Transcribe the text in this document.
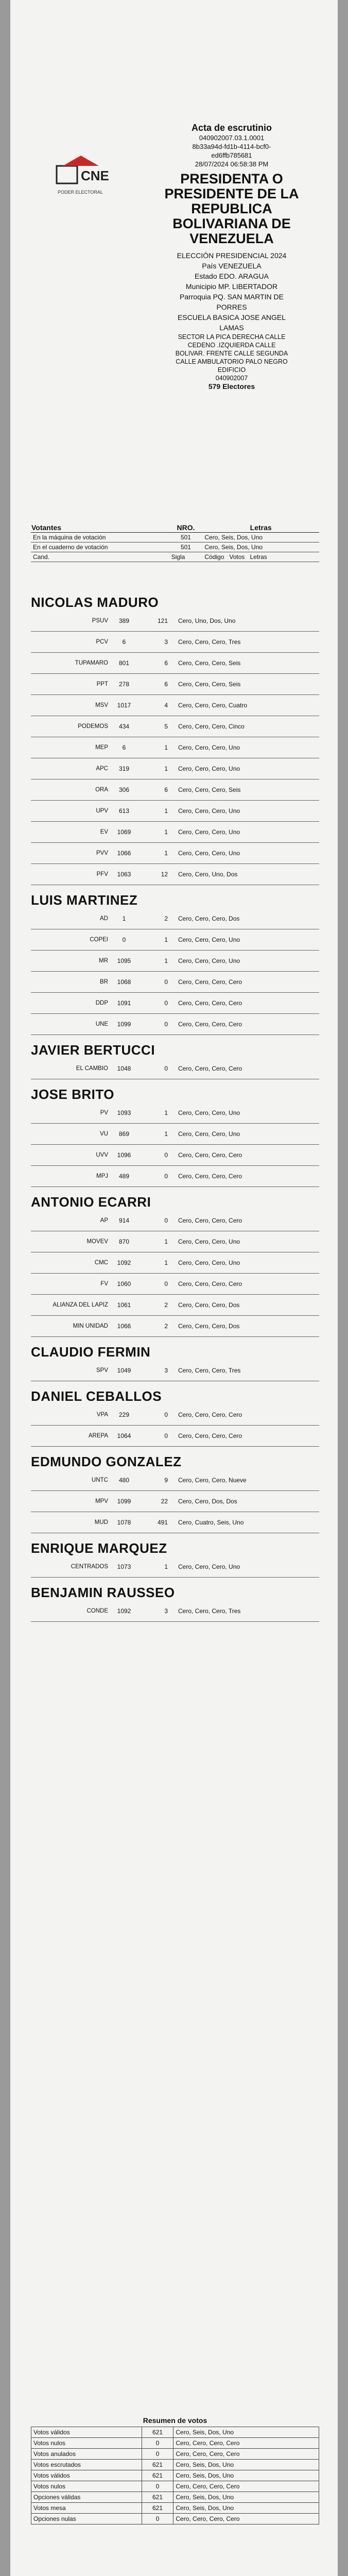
CNE
PODER ELECTORAL
Acta de escrutinio
040902007.03.1.0001
8b33a94d-fd1b-4114-bcf0-
ed6ffb785681
28/07/2024 06:58:38 PM
PRESIDENTA O
PRESIDENTE DE LA
REPUBLICA
BOLIVARIANA DE
VENEZUELA
ELECCIÓN PRESIDENCIAL 2024
País VENEZUELA
Estado EDO. ARAGUA
Municipio MP. LIBERTADOR
Parroquia PQ. SAN MARTIN DE
PORRES
ESCUELA BASICA JOSE ANGEL
LAMAS
SECTOR LA PICA DERECHA CALLE
CEDENO .IZQUIERDA CALLE
BOLIVAR. FRENTE CALLE SEGUNDA
CALLE AMBULATORIO PALO NEGRO
EDIFICIO
040902007
579 Electores
Votantes	NRO.	Letras
En la máquina de votación	501	Cero, Seis, Dos, Uno
En el cuaderno de votación	501	Cero, Seis, Dos, Uno
Cand.	Sigla	Código Votos Letras
NICOLAS MADURO
PSUV	389	121	Cero, Uno, Dos, Uno
PCV	6	3	Cero, Cero, Cero, Tres
TUPAMARO	801	6	Cero, Cero, Cero, Seis
PPT	278	6	Cero, Cero, Cero, Seis
MSV	1017	4	Cero, Cero, Cero, Cuatro
PODEMOS	434	5	Cero, Cero, Cero, Cinco
MEP	6	1	Cero, Cero, Cero, Uno
APC	319	1	Cero, Cero, Cero, Uno
ORA	306	6	Cero, Cero, Cero, Seis
UPV	613	1	Cero, Cero, Cero, Uno
EV	1069	1	Cero, Cero, Cero, Uno
PVV	1066	1	Cero, Cero, Cero, Uno
PFV	1063	12	Cero, Cero, Uno, Dos
LUIS MARTINEZ
AD	1	2	Cero, Cero, Cero, Dos
COPEI	0	1	Cero, Cero, Cero, Uno
MR	1095	1	Cero, Cero, Cero, Uno
BR	1068	0	Cero, Cero, Cero, Cero
DDP	1091	0	Cero, Cero, Cero, Cero
UNE	1099	0	Cero, Cero, Cero, Cero
JAVIER BERTUCCI
EL CAMBIO	1048	0	Cero, Cero, Cero, Cero
JOSE BRITO
PV	1093	1	Cero, Cero, Cero, Uno
VU	869	1	Cero, Cero, Cero, Uno
UVV	1096	0	Cero, Cero, Cero, Cero
MPJ	489	0	Cero, Cero, Cero, Cero
ANTONIO ECARRI
AP	914	0	Cero, Cero, Cero, Cero
MOVEV	870	1	Cero, Cero, Cero, Uno
CMC	1092	1	Cero, Cero, Cero, Uno
FV	1060	0	Cero, Cero, Cero, Cero
ALIANZA DEL LAPIZ	1061	2	Cero, Cero, Cero, Dos
MIN UNIDAD	1066	2	Cero, Cero, Cero, Dos
CLAUDIO FERMIN
SPV	1049	3	Cero, Cero, Cero, Tres
DANIEL CEBALLOS
VPA	229	0	Cero, Cero, Cero, Cero
AREPA	1064	0	Cero, Cero, Cero, Cero
EDMUNDO GONZALEZ
UNTC	480	9	Cero, Cero, Cero, Nueve
MPV	1099	22	Cero, Cero, Dos, Dos
MUD	1078	491	Cero, Cuatro, Seis, Uno
ENRIQUE MARQUEZ
CENTRADOS	1073	1	Cero, Cero, Cero, Uno
BENJAMIN RAUSSEO
CONDE	1092	3	Cero, Cero, Cero, Tres
Resumen de votos
Votos válidos	621	Cero, Seis, Dos, Uno
Votos nulos	0	Cero, Cero, Cero, Cero
Votos anulados	0	Cero, Cero, Cero, Cero
Votos escrutados	621	Cero, Seis, Dos, Uno
Votos válidos	621	Cero, Seis, Dos, Uno
Votos nulos	0	Cero, Cero, Cero, Cero
Opciones válidas	621	Cero, Seis, Dos, Uno
Votos mesa	621	Cero, Seis, Dos, Uno
Opciones nulas	0	Cero, Cero, Cero, Cero
